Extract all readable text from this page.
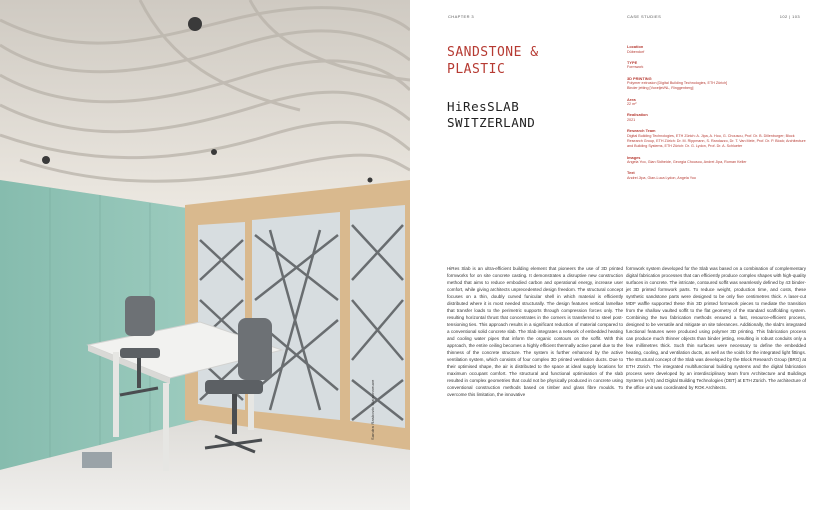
Sandra Raskovic Maisonneuve
CHAPTER 3	CASE STUDIES	102 | 103
SANDSTONE &
PLASTIC
HiResSLAB
SWITZERLAND
Location
Dübendorf
TYPE
Formwork
3D PRINTING
Polymer extrusion [Digital Building Technologies, ETH Zürich]
Binder jetting [Voxeljet/NL, Ringgenberg]
Area
22 m²
Realisation
2021
Research Team
Digital Building Technologies, ETH Zürich: A. Jipa, A. Hou, G. Chousou, Prof. Dr. B. Dillenburger; Block Research Group, ETH Zürich: Dr. M. Rippmann, S. Randazzo, Dr. T. Van Mele, Prof. Dr. P. Block; Architecture and Building Systems, ETH Zürich: Dr. G. Lydon, Prof. Dr. A. Schlueter
Images
Angela Yoo, Gian Sidheide, Georgia Chousou, Andrei Jipa, Roman Keller
Text
Andrei Jipa, Gian-Luca Lydon, Angela Yoo
HiRes Slab is an ultra-efficient building element that pioneers the use of 3D printed formworks for on site concrete casting. It demonstrates a disruptive new construction method that aims to reduce embodied carbon and operational energy, increase user comfort, while giving architects unprecedented design freedom. The structural concept focuses on a thin, doubly curved funicular shell in which material is efficiently distributed where it is most needed structurally. The design features vertical lamellae that transfer loads to the perimetric supports through compression forces only. The resulting horizontal thrust that concentrates in the corners is transferred to steel post-tensioning ties. This approach results in a significant reduction of material compared to a conventional solid concrete slab. The Slab integrates a network of embedded heating and cooling water pipes that inform the organic contours on the soffit. With this approach, the entire ceiling becomes a highly efficient thermally active panel due to the thinness of the concrete structure. The system is further enhanced by the active ventilation system, which consists of four complex 3D printed ventilation ducts. Due to their optimised shape, the air is distributed to the space at ideal supply locations for maximum occupant comfort. The structural and functional optimisation of the slab resulted in complex geometries that could not be physically produced in concrete using conventional construction methods based on timber and glass fibre moulds. To overcome this limitation, the innovative
formwork system developed for the Slab was based on a combination of complementary digital fabrication processes that can efficiently produce complex shapes with high-quality surfaces in concrete. The intricate, contoured soffit was seamlessly defined by 43 binder-jet 3D printed formwork parts. To reduce weight, production time, and costs, these synthetic sandstone parts were designed to be only five centimetres thick. A laser-cut MDF waffle supported these thin 3D printed formwork pieces to mediate the transition from the shallow vaulted soffit to the flat geometry of the standard scaffolding system. Combining the two fabrication methods ensured a fast, resource-efficient process, designed to be versatile and mitigate on site tolerances. Additionally, the slab's integrated functional features were produced using polymer 3D printing. This fabrication process can produce much thinner objects than binder jetting, resulting in robust conduits only a few millimetres thick. Such thin surfaces were necessary to define the embedded heating, cooling, and ventilation ducts, as well as the voids for the integrated light fittings. The structural concept of the Slab was developed by the Block Research Group (BRG) at ETH Zürich. The integrated multifunctional building systems and the digital fabrication process were developed by an interdisciplinary team from Architecture and Buildings Systems (A/S) and Digital Building Technologies (DBT) at ETH Zürich. The architecture of the office unit was coordinated by ROK Architects.
